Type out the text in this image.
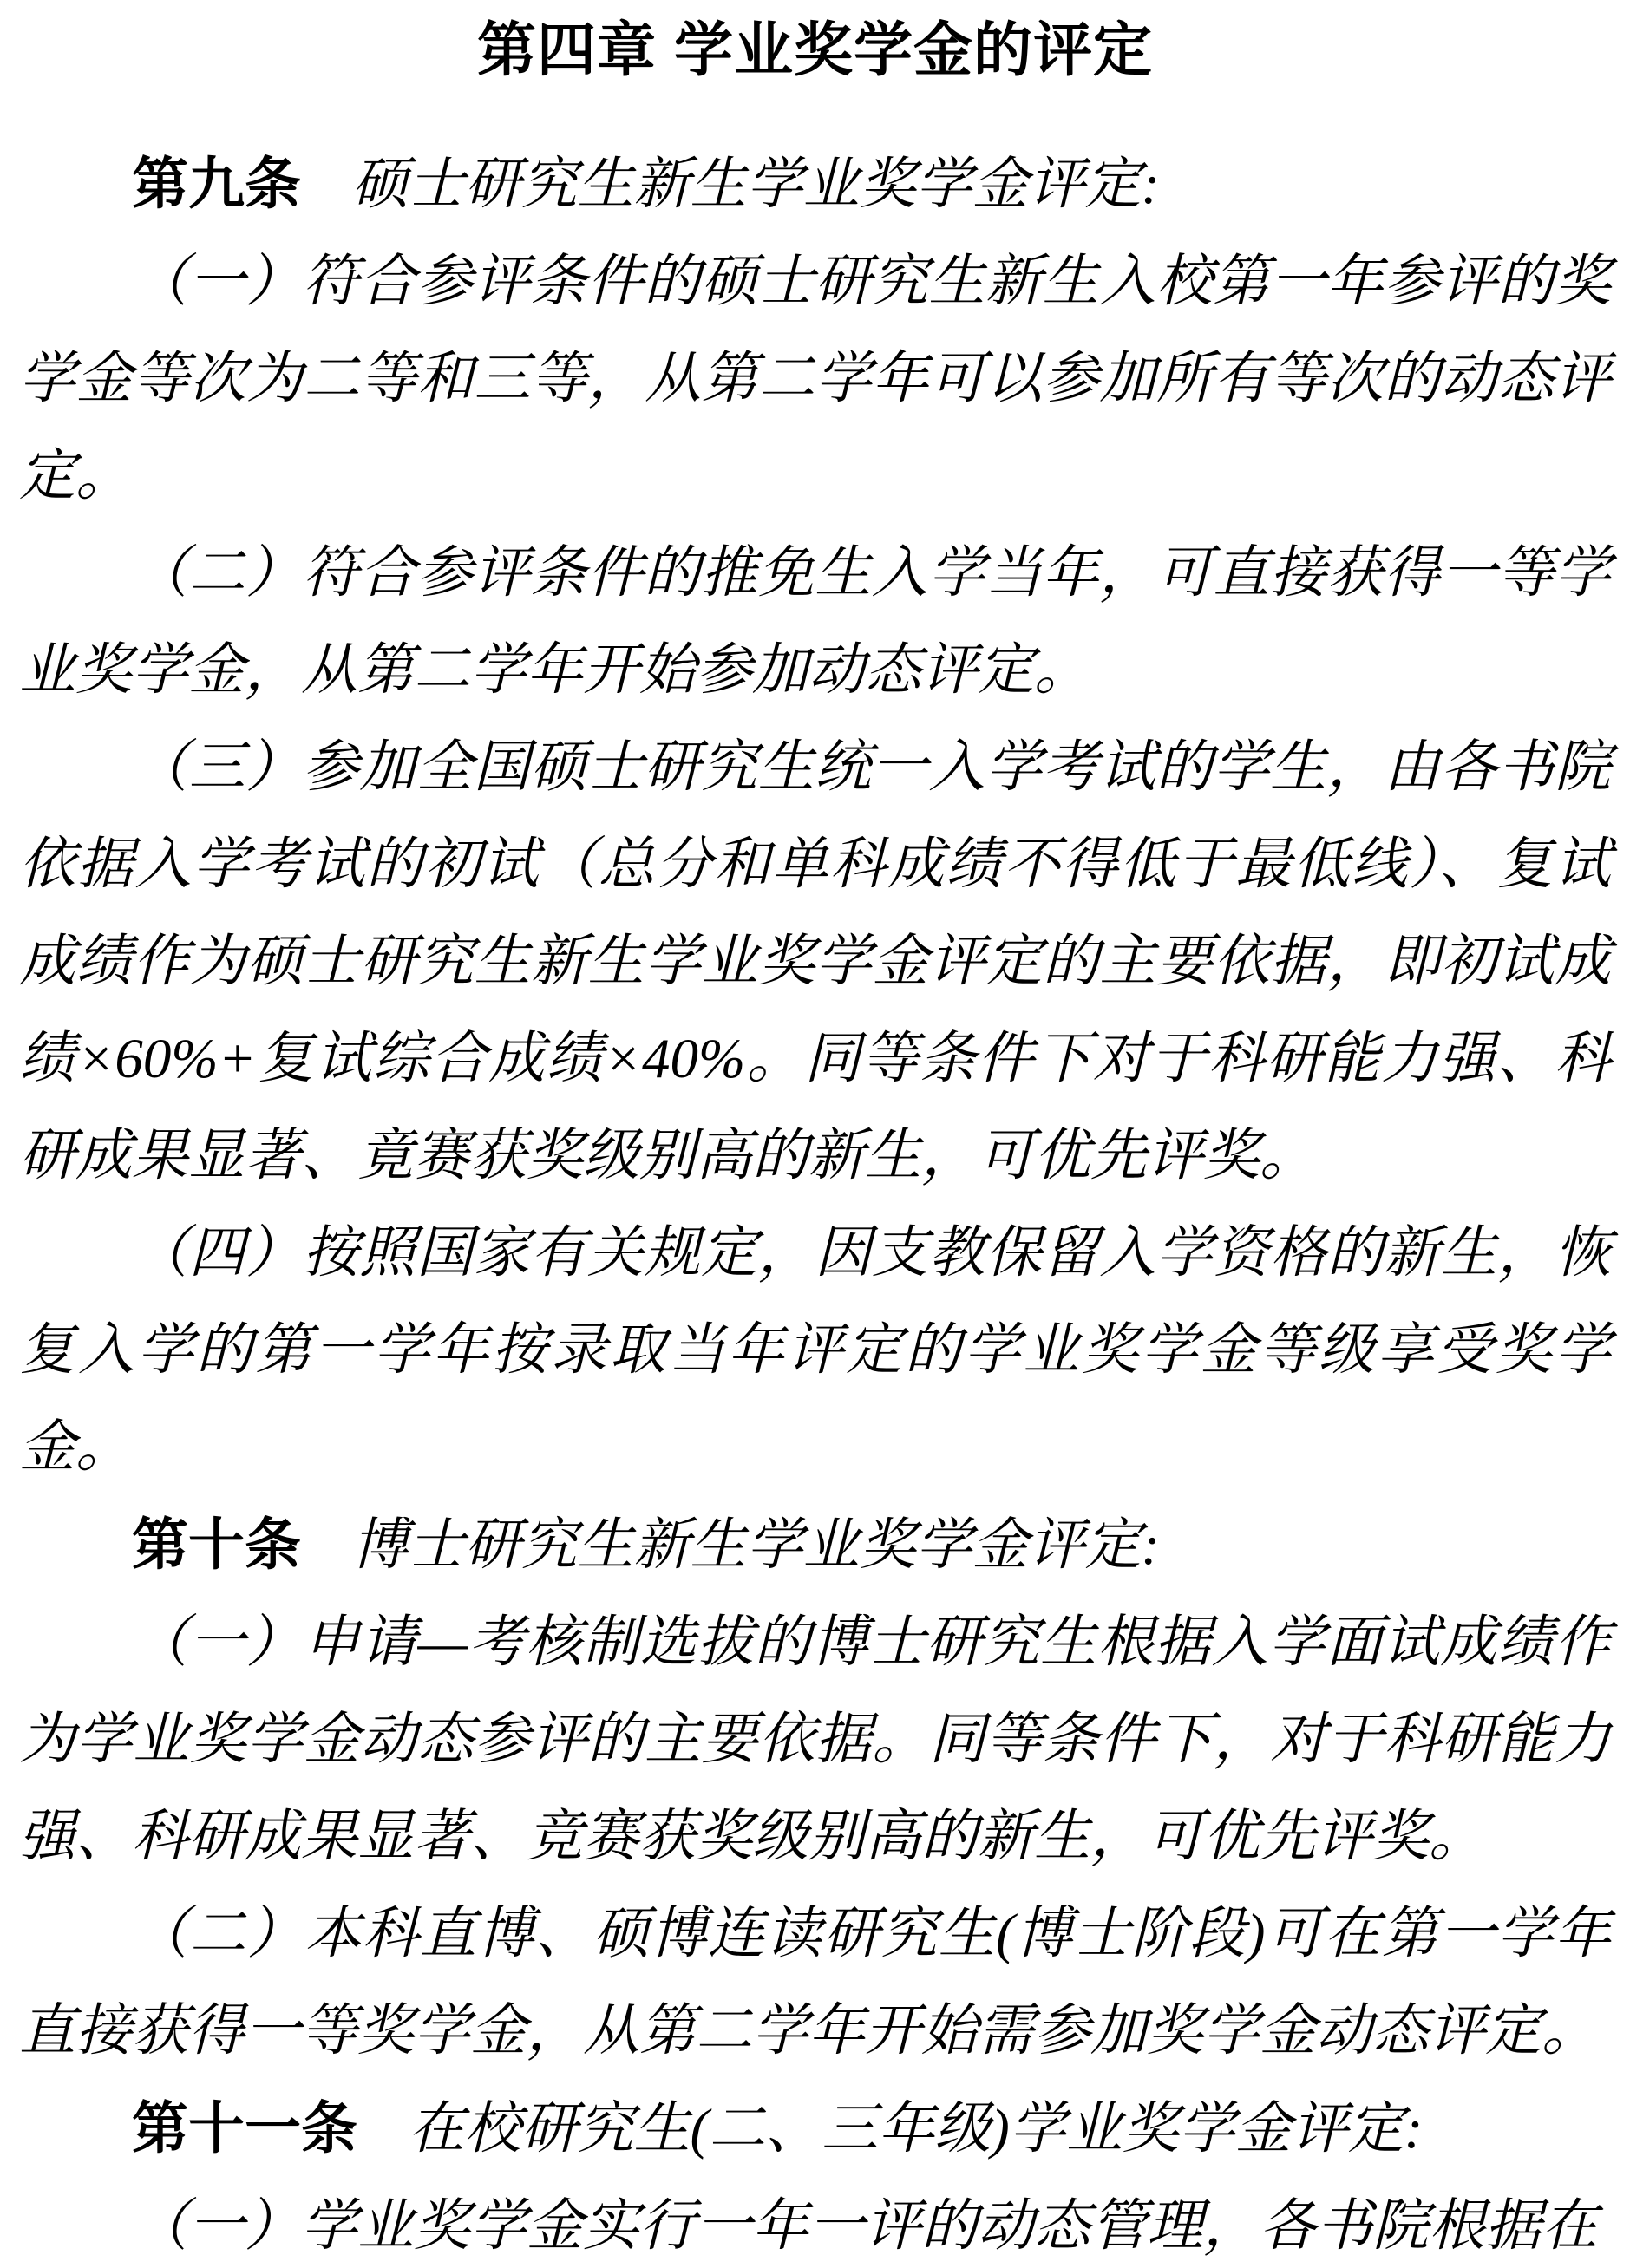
第四章 学业奖学金的评定

第九条 硕士研究生新生学业奖学金评定:

（一）符合参评条件的硕士研究生新生入校第一年参评的奖学金等次为二等和三等，从第二学年可以参加所有等次的动态评定。

（二）符合参评条件的推免生入学当年，可直接获得一等学业奖学金，从第二学年开始参加动态评定。

（三）参加全国硕士研究生统一入学考试的学生，由各书院依据入学考试的初试（总分和单科成绩不得低于最低线）、复试成绩作为硕士研究生新生学业奖学金评定的主要依据，即初试成绩×60%+复试综合成绩×40%。同等条件下对于科研能力强、科研成果显著、竟赛获奖级别高的新生，可优先评奖。

（四）按照国家有关规定，因支教保留入学资格的新生，恢复入学的第一学年按录取当年评定的学业奖学金等级享受奖学金。

第十条 博士研究生新生学业奖学金评定:

（一）申请—考核制选拔的博士研究生根据入学面试成绩作为学业奖学金动态参评的主要依据。同等条件下，对于科研能力强、科研成果显著、竞赛获奖级别高的新生，可优先评奖。

（二）本科直博、硕博连读研究生(博士阶段)可在第一学年直接获得一等奖学金，从第二学年开始需参加奖学金动态评定。

第十一条 在校研究生(二、三年级)学业奖学金评定:

（一）学业奖学金实行一年一评的动态管理，各书院根据在
